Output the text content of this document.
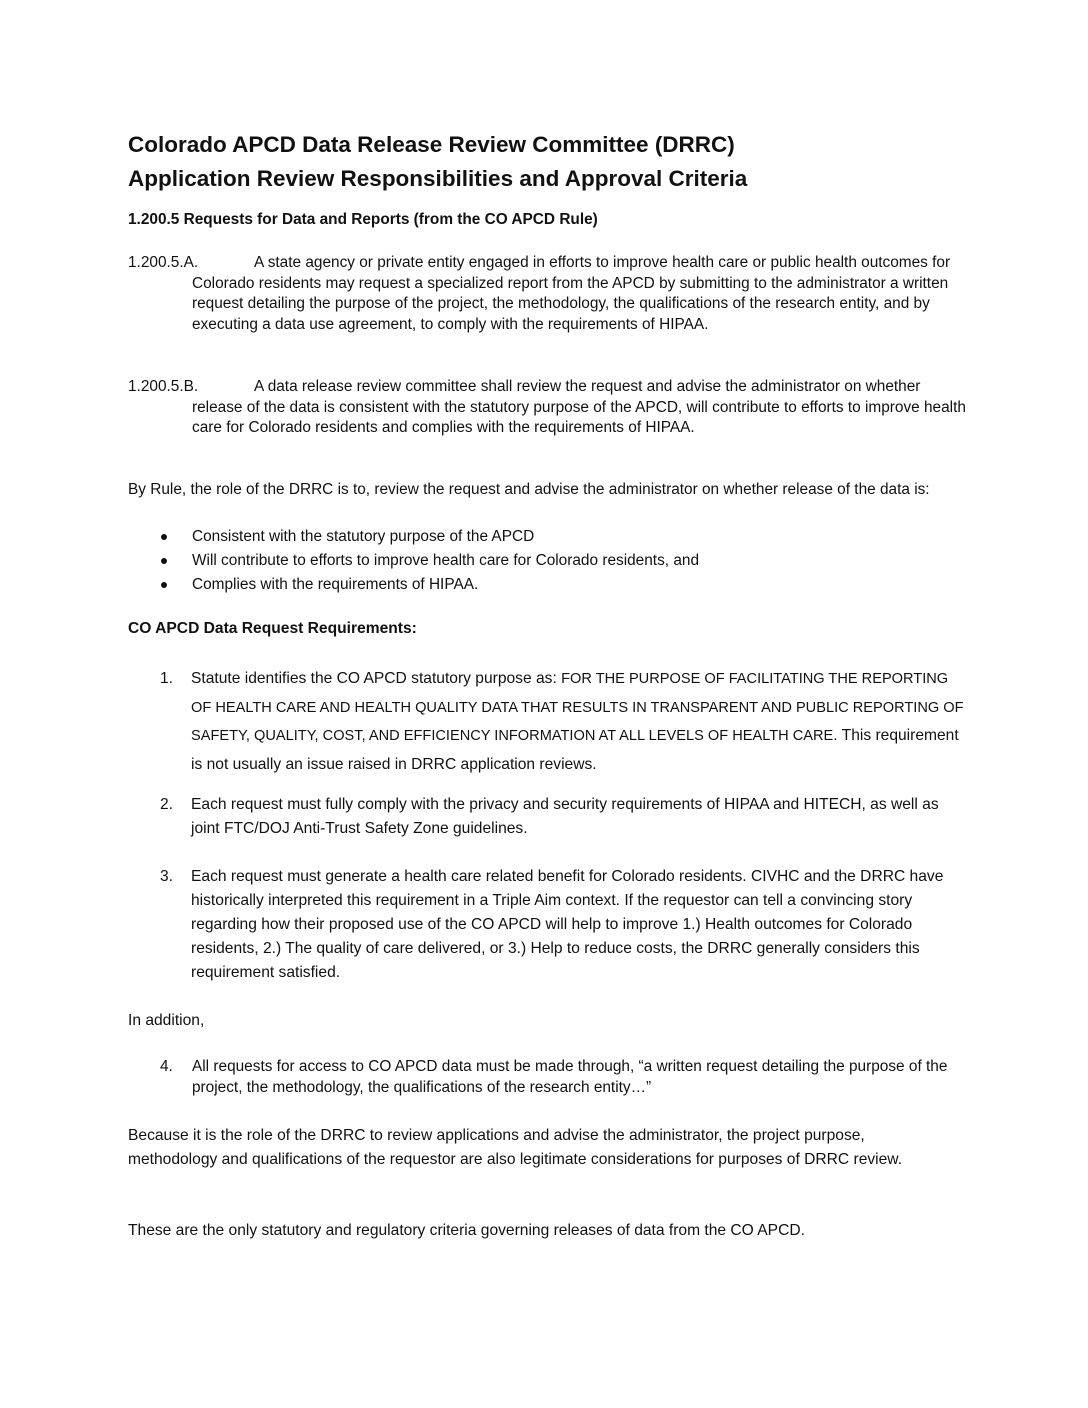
Colorado APCD Data Release Review Committee (DRRC)
Application Review Responsibilities and Approval Criteria
1.200.5 Requests for Data and Reports (from the CO APCD Rule)
1.200.5.A.	A state agency or private entity engaged in efforts to improve health care or public health outcomes for Colorado residents may request a specialized report from the APCD by submitting to the administrator a written request detailing the purpose of the project, the methodology, the qualifications of the research entity, and by executing a data use agreement, to comply with the requirements of HIPAA.
1.200.5.B.	A data release review committee shall review the request and advise the administrator on whether release of the data is consistent with the statutory purpose of the APCD, will contribute to efforts to improve health care for Colorado residents and complies with the requirements of HIPAA.
By Rule, the role of the DRRC is to, review the request and advise the administrator on whether release of the data is:
Consistent with the statutory purpose of the APCD
Will contribute to efforts to improve health care for Colorado residents, and
Complies with the requirements of HIPAA.
CO APCD Data Request Requirements:
1. Statute identifies the CO APCD statutory purpose as: FOR THE PURPOSE OF FACILITATING THE REPORTING OF HEALTH CARE AND HEALTH QUALITY DATA THAT RESULTS IN TRANSPARENT AND PUBLIC REPORTING OF SAFETY, QUALITY, COST, AND EFFICIENCY INFORMATION AT ALL LEVELS OF HEALTH CARE. This requirement is not usually an issue raised in DRRC application reviews.
2. Each request must fully comply with the privacy and security requirements of HIPAA and HITECH, as well as joint FTC/DOJ Anti-Trust Safety Zone guidelines.
3. Each request must generate a health care related benefit for Colorado residents. CIVHC and the DRRC have historically interpreted this requirement in a Triple Aim context. If the requestor can tell a convincing story regarding how their proposed use of the CO APCD will help to improve 1.) Health outcomes for Colorado residents, 2.) The quality of care delivered, or 3.) Help to reduce costs, the DRRC generally considers this requirement satisfied.
In addition,
4. All requests for access to CO APCD data must be made through, “a written request detailing the purpose of the project, the methodology, the qualifications of the research entity…”
Because it is the role of the DRRC to review applications and advise the administrator, the project purpose, methodology and qualifications of the requestor are also legitimate considerations for purposes of DRRC review.
These are the only statutory and regulatory criteria governing releases of data from the CO APCD.
